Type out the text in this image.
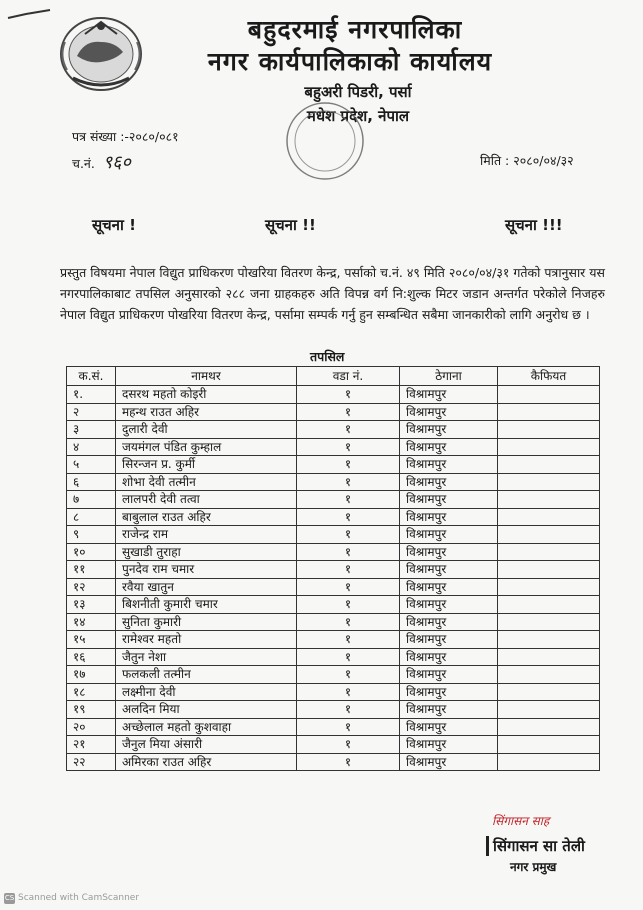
बहुदरमाई नगरपालिका
नगर कार्यपालिकाको कार्यालय
बहुअरी पिडरी, पर्सा
मधेश प्रदेश, नेपाल
पत्र संख्या :-२०८०/०८१
च.नं. ९६०	मिति : २०८०/०४/३२
सूचना !	सूचना !!	सूचना !!!
प्रस्तुत विषयमा नेपाल विद्युत प्राधिकरण पोखरिया वितरण केन्द्र, पर्साको च.नं. ४९ मिति २०८०/०४/३१ गतेको पत्रानुसार यस नगरपालिकाबाट तपसिल अनुसारको २८८ जना ग्राहकहरु अति विपन्न वर्ग नि:शुल्क मिटर जडान अन्तर्गत परेकोले निजहरु नेपाल विद्युत प्राधिकरण पोखरिया वितरण केन्द्र, पर्सामा सम्पर्क गर्नु हुन सम्बन्धित सबैमा जानकारीको लागि अनुरोध छ ।
तपसिल
क.सं.	नामथर	वडा नं.	ठेगाना	कैफियत
१.	दसरथ महतो कोइरी	१	विश्रामपुर	
२	महन्थ राउत अहिर	१	विश्रामपुर	
३	दुलारी देवी	१	विश्रामपुर	
४	जयमंगल पंडित कुम्हाल	१	विश्रामपुर	
५	सिरन्जन प्र. कुर्मी	१	विश्रामपुर	
६	शोभा देवी तत्मीन	१	विश्रामपुर	
७	लालपरी देवी तत्वा	१	विश्रामपुर	
८	बाबुलाल राउत अहिर	१	विश्रामपुर	
९	राजेन्द्र राम	१	विश्रामपुर	
१०	सुखाडी तुराहा	१	विश्रामपुर	
११	पुनदेव राम चमार	१	विश्रामपुर	
१२	रवैया खातुन	१	विश्रामपुर	
१३	बिशनीती कुमारी चमार	१	विश्रामपुर	
१४	सुनिता कुमारी	१	विश्रामपुर	
१५	रामेश्वर महतो	१	विश्रामपुर	
१६	जैतुन नेशा	१	विश्रामपुर	
१७	फलकली तत्मीन	१	विश्रामपुर	
१८	लक्ष्मीना देवी	१	विश्रामपुर	
१९	अलदिन मिया	१	विश्रामपुर	
२०	अच्छेलाल महतो कुशवाहा	१	विश्रामपुर	
२१	जैनुल मिया अंसारी	१	विश्रामपुर	
२२	अमिरका राउत अहिर	१	विश्रामपुर	
सिंगासन साह
सिंगासन सा तेली
नगर प्रमुख
CS Scanned with CamScanner
